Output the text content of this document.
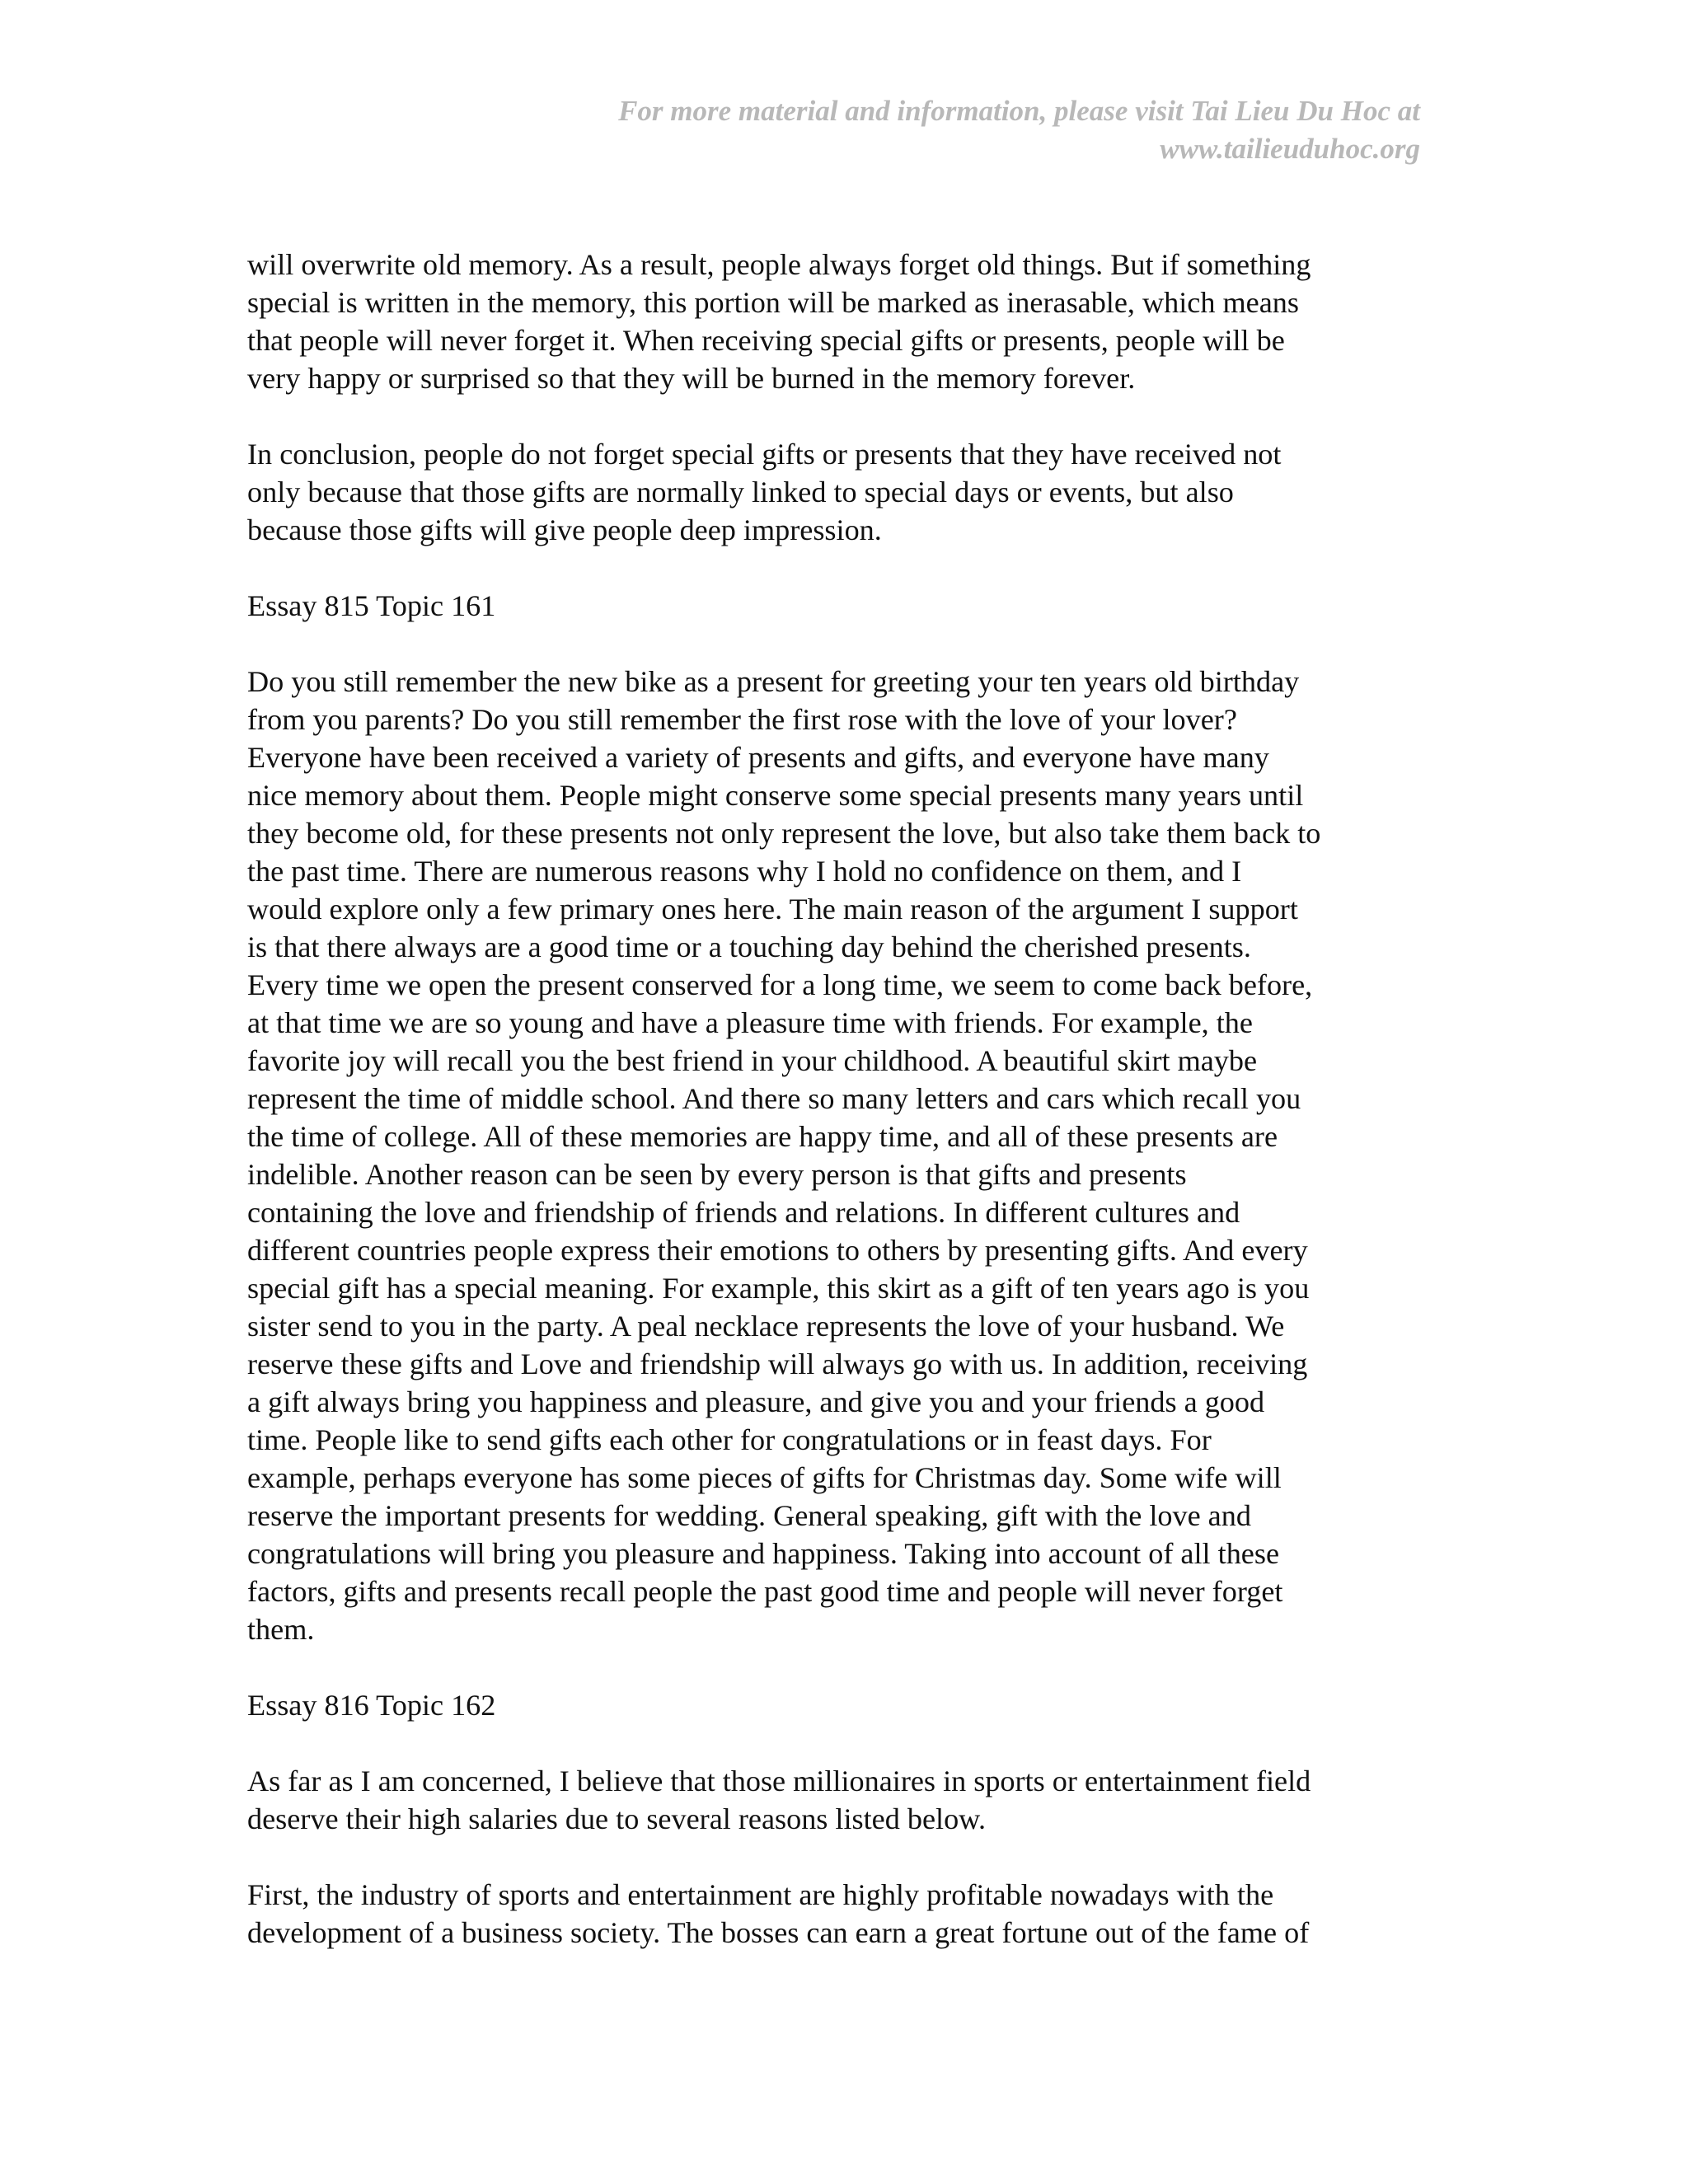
For more material and information, please visit Tai Lieu Du Hoc at
www.tailieuduhoc.org

will overwrite old memory. As a result, people always forget old things. But if something
special is written in the memory, this portion will be marked as inerasable, which means
that people will never forget it. When receiving special gifts or presents, people will be
very happy or surprised so that they will be burned in the memory forever.

In conclusion, people do not forget special gifts or presents that they have received not
only because that those gifts are normally linked to special days or events, but also
because those gifts will give people deep impression.

Essay 815 Topic 161

Do you still remember the new bike as a present for greeting your ten years old birthday
from you parents? Do you still remember the first rose with the love of your lover?
Everyone have been received a variety of presents and gifts, and everyone have many
nice memory about them. People might conserve some special presents many years until
they become old, for these presents not only represent the love, but also take them back to
the past time. There are numerous reasons why I hold no confidence on them, and I
would explore only a few primary ones here. The main reason of the argument I support
is that there always are a good time or a touching day behind the cherished presents.
Every time we open the present conserved for a long time, we seem to come back before,
at that time we are so young and have a pleasure time with friends. For example, the
favorite joy will recall you the best friend in your childhood. A beautiful skirt maybe
represent the time of middle school. And there so many letters and cars which recall you
the time of college. All of these memories are happy time, and all of these presents are
indelible. Another reason can be seen by every person is that gifts and presents
containing the love and friendship of friends and relations. In different cultures and
different countries people express their emotions to others by presenting gifts. And every
special gift has a special meaning. For example, this skirt as a gift of ten years ago is you
sister send to you in the party. A peal necklace represents the love of your husband. We
reserve these gifts and Love and friendship will always go with us. In addition, receiving
a gift always bring you happiness and pleasure, and give you and your friends a good
time. People like to send gifts each other for congratulations or in feast days. For
example, perhaps everyone has some pieces of gifts for Christmas day. Some wife will
reserve the important presents for wedding. General speaking, gift with the love and
congratulations will bring you pleasure and happiness. Taking into account of all these
factors, gifts and presents recall people the past good time and people will never forget
them.

Essay 816 Topic 162

As far as I am concerned, I believe that those millionaires in sports or entertainment field
deserve their high salaries due to several reasons listed below.

First, the industry of sports and entertainment are highly profitable nowadays with the
development of a business society. The bosses can earn a great fortune out of the fame of
